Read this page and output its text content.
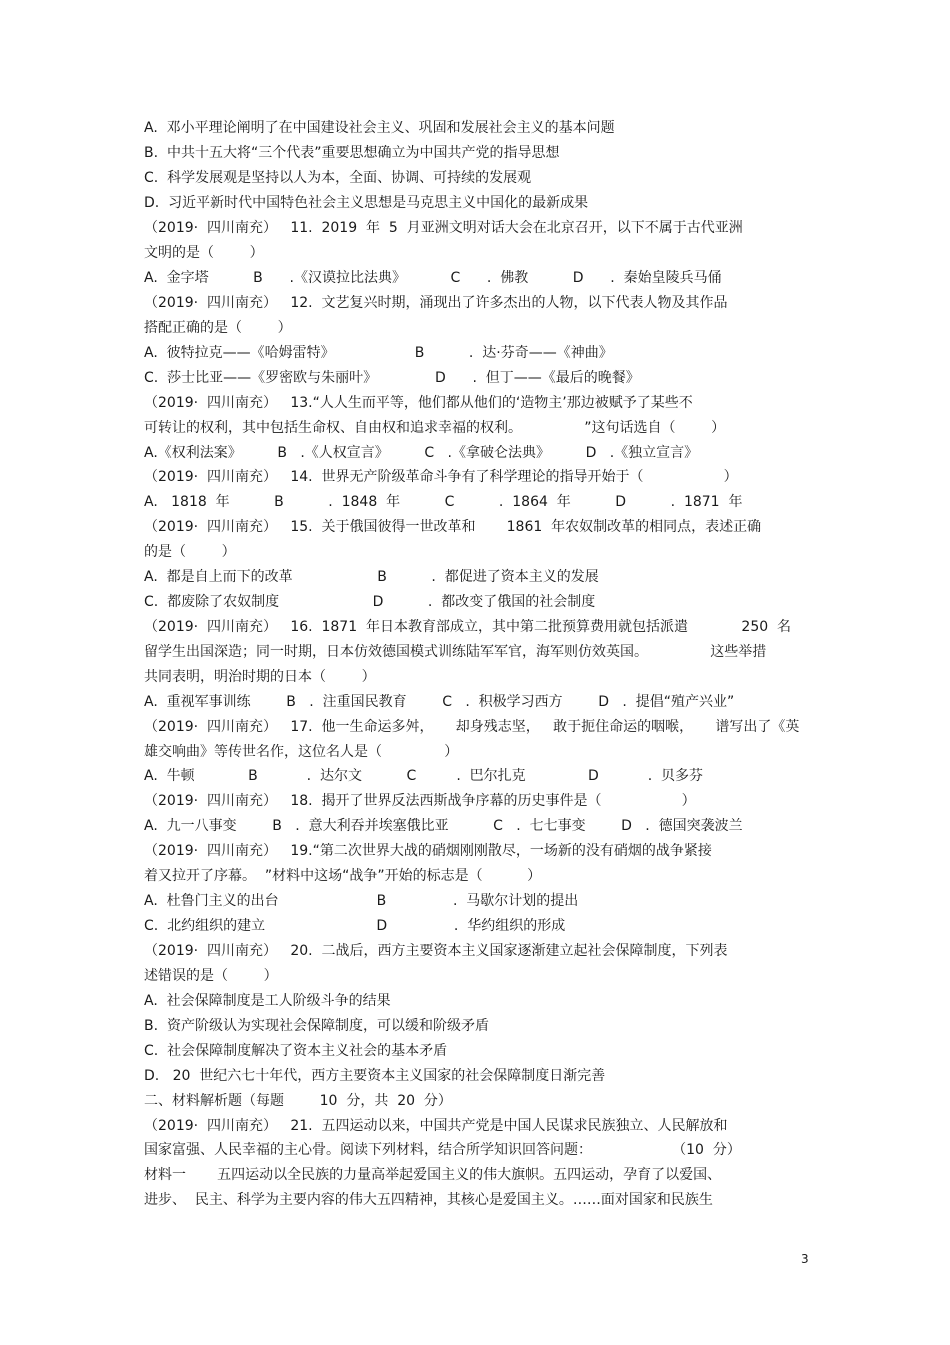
A.  邓小平理论阐明了在中国建设社会主义、巩固和发展社会主义的基本问题
B.  中共十五大将“三个代表”重要思想确立为中国共产党的指导思想
C.  科学发展观是坚持以人为本，全面、协调、可持续的发展观
D.  习近平新时代中国特色社会主义思想是马克思主义中国化的最新成果
（2019·  四川南充）   11.  2019  年  5  月亚洲文明对话大会在北京召开，以下不属于古代亚洲
文明的是（        ）
A.  金字塔          B      .《汉谟拉比法典》          C      .  佛教          D      .  秦始皇陵兵马俑
（2019·  四川南充）   12.  文艺复兴时期，涌现出了许多杰出的人物，以下代表人物及其作品
搭配正确的是（        ）
A.  彼特拉克——《哈姆雷特》                  B          .  达·芬奇——《神曲》
C.  莎士比亚——《罗密欧与朱丽叶》             D      .  但丁——《最后的晚餐》
（2019·  四川南充）   13.“人人生而平等，他们都从他们的‘造物主’那边被赋予了某些不
可转让的权利，其中包括生命权、自由权和追求幸福的权利。              ”这句话选自（        ）
A.《权利法案》        B   .《人权宣言》        C   .《拿破仑法典》        D   .《独立宣言》
（2019·  四川南充）   14.  世界无产阶级革命斗争有了科学理论的指导开始于（                  ）
A.   1818  年          B          .  1848  年          C          .  1864  年          D          .  1871  年
（2019·  四川南充）   15.  关于俄国彼得一世改革和       1861  年农奴制改革的相同点，表述正确
的是（        ）
A.  都是自上而下的改革                   B          .  都促进了资本主义的发展
C.  都废除了农奴制度                     D          .  都改变了俄国的社会制度
（2019·  四川南充）   16.  1871  年日本教育部成立，其中第二批预算费用就包括派遣            250  名
留学生出国深造；同一时期，日本仿效德国模式训练陆军军官，海军则仿效英国。              这些举措
共同表明，明治时期的日本（        ）
A.  重视军事训练        B   .  注重国民教育        C   .  积极学习西方        D   .  提倡“殖产兴业”
（2019·  四川南充）   17.  他一生命运多舛，     却身残志坚，   敢于扼住命运的咽喉，     谱写出了《英
雄交响曲》等传世名作，这位名人是（              ）
A.  牛顿            B           .  达尔文          C         .  巴尔扎克              D           .  贝多芬
（2019·  四川南充）   18.  揭开了世界反法西斯战争序幕的历史事件是（                  ）
A.  九一八事变        B   .  意大利吞并埃塞俄比亚          C   .  七七事变        D   .  德国突袭波兰
（2019·  四川南充）   19.“第二次世界大战的硝烟刚刚散尽，一场新的没有硝烟的战争紧接
着又拉开了序幕。  ”材料中这场“战争”开始的标志是（          ）
A.  杜鲁门主义的出台                      B               .  马歇尔计划的提出
C.  北约组织的建立                         D               .  华约组织的形成
（2019·  四川南充）   20.  二战后，西方主要资本主义国家逐渐建立起社会保障制度，下列表
述错误的是（        ）
A.  社会保障制度是工人阶级斗争的结果
B.  资产阶级认为实现社会保障制度，可以缓和阶级矛盾
C.  社会保障制度解决了资本主义社会的基本矛盾
D.   20  世纪六七十年代，西方主要资本主义国家的社会保障制度日渐完善
二、材料解析题（每题        10  分，共  20  分）
（2019·  四川南充）   21.  五四运动以来，中国共产党是中国人民谋求民族独立、人民解放和
国家富强、人民幸福的主心骨。阅读下列材料，结合所学知识回答问题：                  （10  分）
材料一       五四运动以全民族的力量高举起爱国主义的伟大旗帜。五四运动，孕育了以爱国、
进步、  民主、科学为主要内容的伟大五四精神，其核心是爱国主义。……面对国家和民族生
3
